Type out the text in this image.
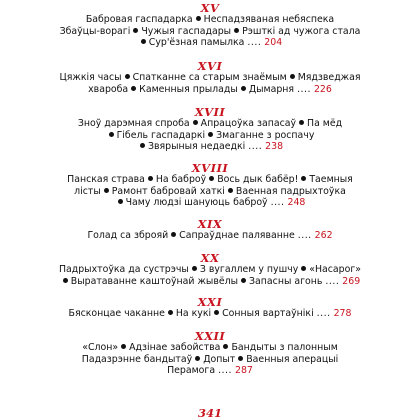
XV
Бабровая гаспадарка Неспадзяваная небяспека
Збаўцы-ворагі Чужыя гаспадары Рэшткі ад чужога стала
Сур'ёзная памылка .... 204
XVI
Цяжкія часы Спатканне са старым знаёмым Мядзведжая
хвароба Каменныя прылады Дымарня .... 226
XVII
Зноў дарэмная спроба Апрацоўка запасаў Па мёд
Гібель гаспадаркі Змаганне з роспачу
Звярыныя недаедкі .... 238
XVIII
Панская страва На баброў Вось дык бабёр! Таемныя
лісты Рамонт бабровай хаткі Ваенная падрыхтоўка
Чаму людзі шануюць баброў .... 248
XIX
Голад са зброяй Сапраўднае паляванне .... 262
XX
Падрыхтоўка да сустрэчы З вугаллем у пушчу «Насарог»
Выратаванне каштоўнай жывёлы Запасны агонь .... 269
XXI
Бясконцае чаканне На кукі Сонныя вартаўнікі .... 278
XXII
«Слон» Адзінае забойства Бандыты з палонным
Падазрэнне бандытаў Допыт Ваенныя аперацыі
Перамога .... 287
341
